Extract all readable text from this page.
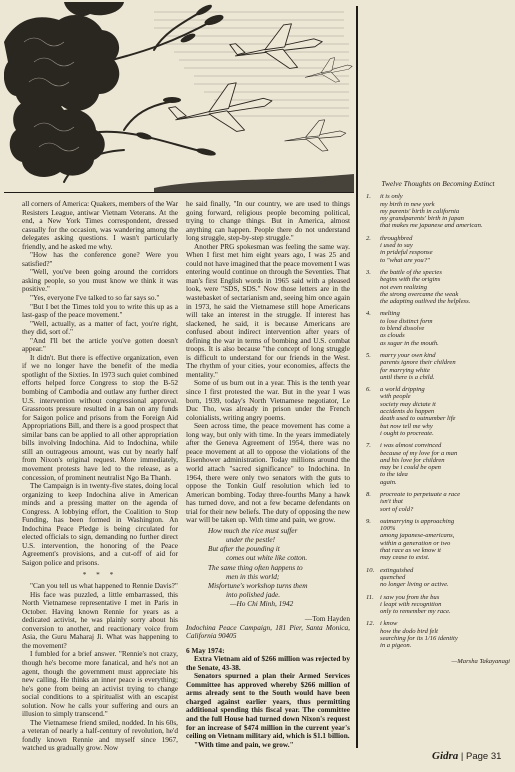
all corners of America: Quakers, members of the War Resisters League, antiwar Vietnam Veterans. At the end, a New York Times correspondent, dressed casually for the occasion, was wandering among the delegates asking questions. I wasn't particularly friendly, and he asked me why.

"How has the conference gone? Were you satisfied?"

"Well, you've been going around the corridors asking people, so you must know we think it was positive."

"Yes, everyone I've talked to so far says so."

"But I bet the Times told you to write this up as a last-gasp of the peace movement."

"Well, actually, as a matter of fact, you're right, they did, sort of."

"And I'll bet the article you've gotten doesn't appear."

It didn't. But there is effective organization, even if we no longer have the benefit of the media spotlight of the Sixties. In 1973 such quiet combined efforts helped force Congress to stop the B-52 bombing of Cambodia and outlaw any further direct U.S. intervention without congressional approval. Grassroots pressure resulted in a ban on any funds for Saigon police and prisons from the Foreign Aid Appropriations Bill, and there is a good prospect that similar bans can be applied to all other appropriation bills involving Indochina. Aid to Indochina, while still an outrageous amount, was cut by nearly half from Nixon's original request. More immediately, movement protests have led to the release, as a concession, of prominent neutralist Ngo Ba Thanh.

The Campaign is in twenty-five states, doing local organizing to keep Indochina alive in American minds and a pressing matter on the agenda of Congress. A lobbying effort, the Coalition to Stop Funding, has been formed in Washington. An Indochina Peace Pledge is being circulated for elected officials to sign, demanding no further direct U.S. intervention, the honoring of the Peace Agreement's provisions, and a cut-off of aid for Saigon police and prisons.

* * *

"Can you tell us what happened to Rennie Davis?"

His face was puzzled, a little embarrassed, this North Vietnamese representative I met in Paris in October. Having known Rennie for years as a dedicated activist, he was plainly sorry about his conversion to another, and reactionary voice from Asia, the Guru Maharaj Ji. What was happening to the movement?

I fumbled for a brief answer. "Rennie's not crazy, though he's become more fanatical, and he's not an agent, though the government must appreciate his new calling. He thinks an inner peace is everything; he's gone from being an activist trying to change social conditions to a spiritualist with an escapist solution. Now he calls your suffering and ours an illusion to simply transcend."

The Vietnamese friend smiled, nodded. In his 60s, a veteran of nearly a half-century of revolution, he'd fondly known Rennie and myself since 1967, watched us gradually grow. Now

he said finally, "In our country, we are used to things going forward, religious people becoming political, trying to change things. But in America, almost anything can happen. People there do not understand long struggle, step-by-step struggle."

Another PRG spokesman was feeling the same way. When I first met him eight years ago, I was 25 and could not have imagined that the peace movement I was entering would continue on through the Seventies. That man's first English words in 1965 said with a pleased look, were "SDS, SDS." Now those letters are in the wastebasket of sectarianism and, seeing him once again in 1973, he said the Vietnamese still hope Americans will take an interest in the struggle. If interest has slackened, he said, it is because Americans are confused about indirect intervention after years of defining the war in terms of bombing and U.S. combat troops. It is also because "the concept of long struggle is difficult to understand for our friends in the West. The rhythm of your cities, your economies, affects the mentality."

Some of us burn out in a year. This is the tenth year since I first protested the war. But in the year I was born, 1939, today's North Vietnamese negotiator, Le Duc Tho, was already in prison under the French colonialists, writing angry poems.

Seen across time, the peace movement has come a long way, but only with time. In the years immediately after the Geneva Agreement of 1954, there was no peace movement at all to oppose the violations of the Eisenhower administration. Today millions around the world attach "sacred significance" to Indochina. In 1964, there were only two senators with the guts to oppose the Tonkin Gulf resolution which led to American bombing. Today three-fourths Many a hawk has turned dove, and not a few became defendants on trial for their new beliefs. The duty of opposing the new war will be taken up. With time and pain, we grow.

How much the rice must suffer

under the pestle!

But after the pounding it

comes out white like cotton.

The same thing often happens to

men in this world;

Misfortune's workshop turns them

into polished jade.

—Ho Chi Minh, 1942

—Tom Hayden

Indochina Peace Campaign, 181 Pier, Santa Monica, California 90405

6 May 1974:

Extra Vietnam aid of $266 million was rejected by the Senate, 43-38.

Senators spurned a plan their Armed Services Committee has approved whereby $266 million of arms already sent to the South would have been charged against earlier years, thus permitting additional spending this fiscal year. The committee and the full House had turned down Nixon's request for an increase of $474 million in the current year's ceiling on Vietnam military aid, which is $1.1 billion.

"With time and pain, we grow."

Twelve Thoughts on Becoming Extinct
1. it is only
my birth in new york
my parents' birth in california
my grandparents' birth in japan
that makes me japanese and american.
2. throughbred
i used to say
in prideful response
to "what are you?"
3. the battle of the species
begins with the origins
not even realizing
the strong overcame the weak
the adapting outlived the helpless.
4. melting
to lose distinct form
to blend dissolve
as clouds
as sugar in the mouth.
5. marry your own kind
parents ignore their children
for marrying white
until there is a child.
6. a world dripping
with people
society may dictate it
accidents do happen
death used to outnumber life
but now tell me why
i ought to procreate.
7. i was almost convinced
because of my love for a man
and his love for children
may be i could be open
to the idea
again.
8. procreate to perpetuate a race
isn't that
sort of cold?
9. outmarrying is approaching
100%
among japanese-americans,
within a generation or two
that race as we know it
may cease to exist.
10. extinguished
quenched
no longer living or active.
11. i saw you from the bus
i leapt with recognition
only to remember my race.
12. i know
how the dodo bird felt
searching for its 1/16 identity
in a pigeon.
—Marsha Takayanagi
Gidra | Page 31
